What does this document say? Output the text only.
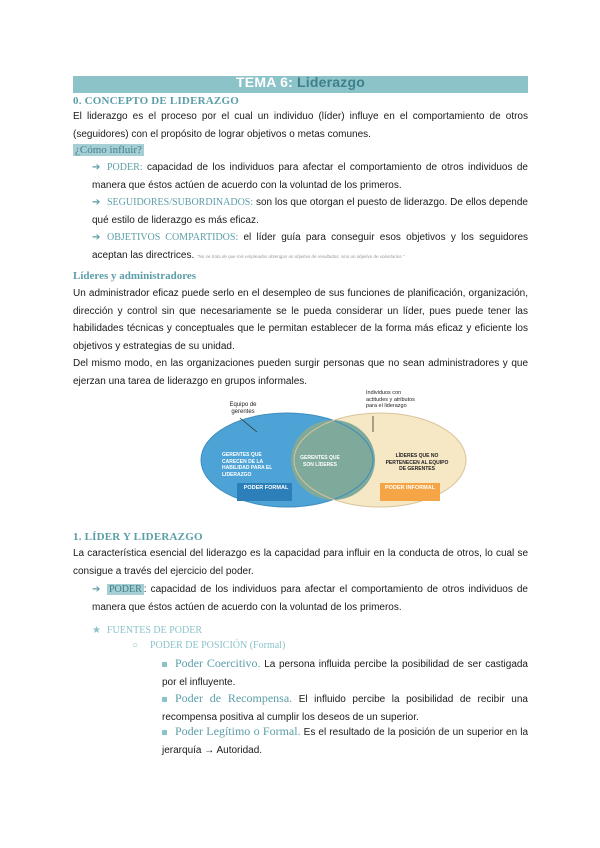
TEMA 6: Liderazgo
0. CONCEPTO DE LIDERAZGO
El liderazgo es el proceso por el cual un individuo (líder) influye en el comportamiento de otros (seguidores) con el propósito de lograr objetivos o metas comunes.
¿Cómo influir?
➔ PODER: capacidad de los individuos para afectar el comportamiento de otros individuos de manera que éstos actúen de acuerdo con la voluntad de los primeros.
➔ SEGUIDORES/SUBORDINADOS: son los que otorgan el puesto de liderazgo. De ellos depende qué estilo de liderazgo es más eficaz.
➔ OBJETIVOS COMPARTIDOS: el líder guía para conseguir esos objetivos y los seguidores aceptan las directrices. "No se trata de que mis empleados obtengan un objetivo de resultados, sino un objetivo de voluntarios."
Líderes y administradores
Un administrador eficaz puede serlo en el desempleo de sus funciones de planificación, organización, dirección y control sin que necesariamente se le pueda considerar un líder, pues puede tener las habilidades técnicas y conceptuales que le permitan establecer de la forma más eficaz y eficiente los objetivos y estrategias de su unidad.
Del mismo modo, en las organizaciones pueden surgir personas que no sean administradores y que ejerzan una tarea de liderazgo en grupos informales.
Equipo de gerentes
Individuos con actitudes y atributos para el liderazgo
GERENTES QUE CARECEN DE LA HABILIDAD PARA EL LIDERAZGO
GERENTES QUE SON LÍDERES
LÍDERES QUE NO PERTENECEN AL EQUIPO DE GERENTES
PODER FORMAL	PODER INFORMAL
1. LÍDER Y LIDERAZGO
La característica esencial del liderazgo es la capacidad para influir en la conducta de otros, lo cual se consigue a través del ejercicio del poder.
➔ PODER : capacidad de los individuos para afectar el comportamiento de otros individuos de manera que éstos actúen de acuerdo con la voluntad de los primeros.
★ FUENTES DE PODER
○ PODER DE POSICIÓN (Formal)
Poder Coercitivo. La persona influida percibe la posibilidad de ser castigada por el influyente.
Poder de Recompensa. El influido percibe la posibilidad de recibir una recompensa positiva al cumplir los deseos de un superior.
Poder Legítimo o Formal. Es el resultado de la posición de un superior en la jerarquía → Autoridad.
